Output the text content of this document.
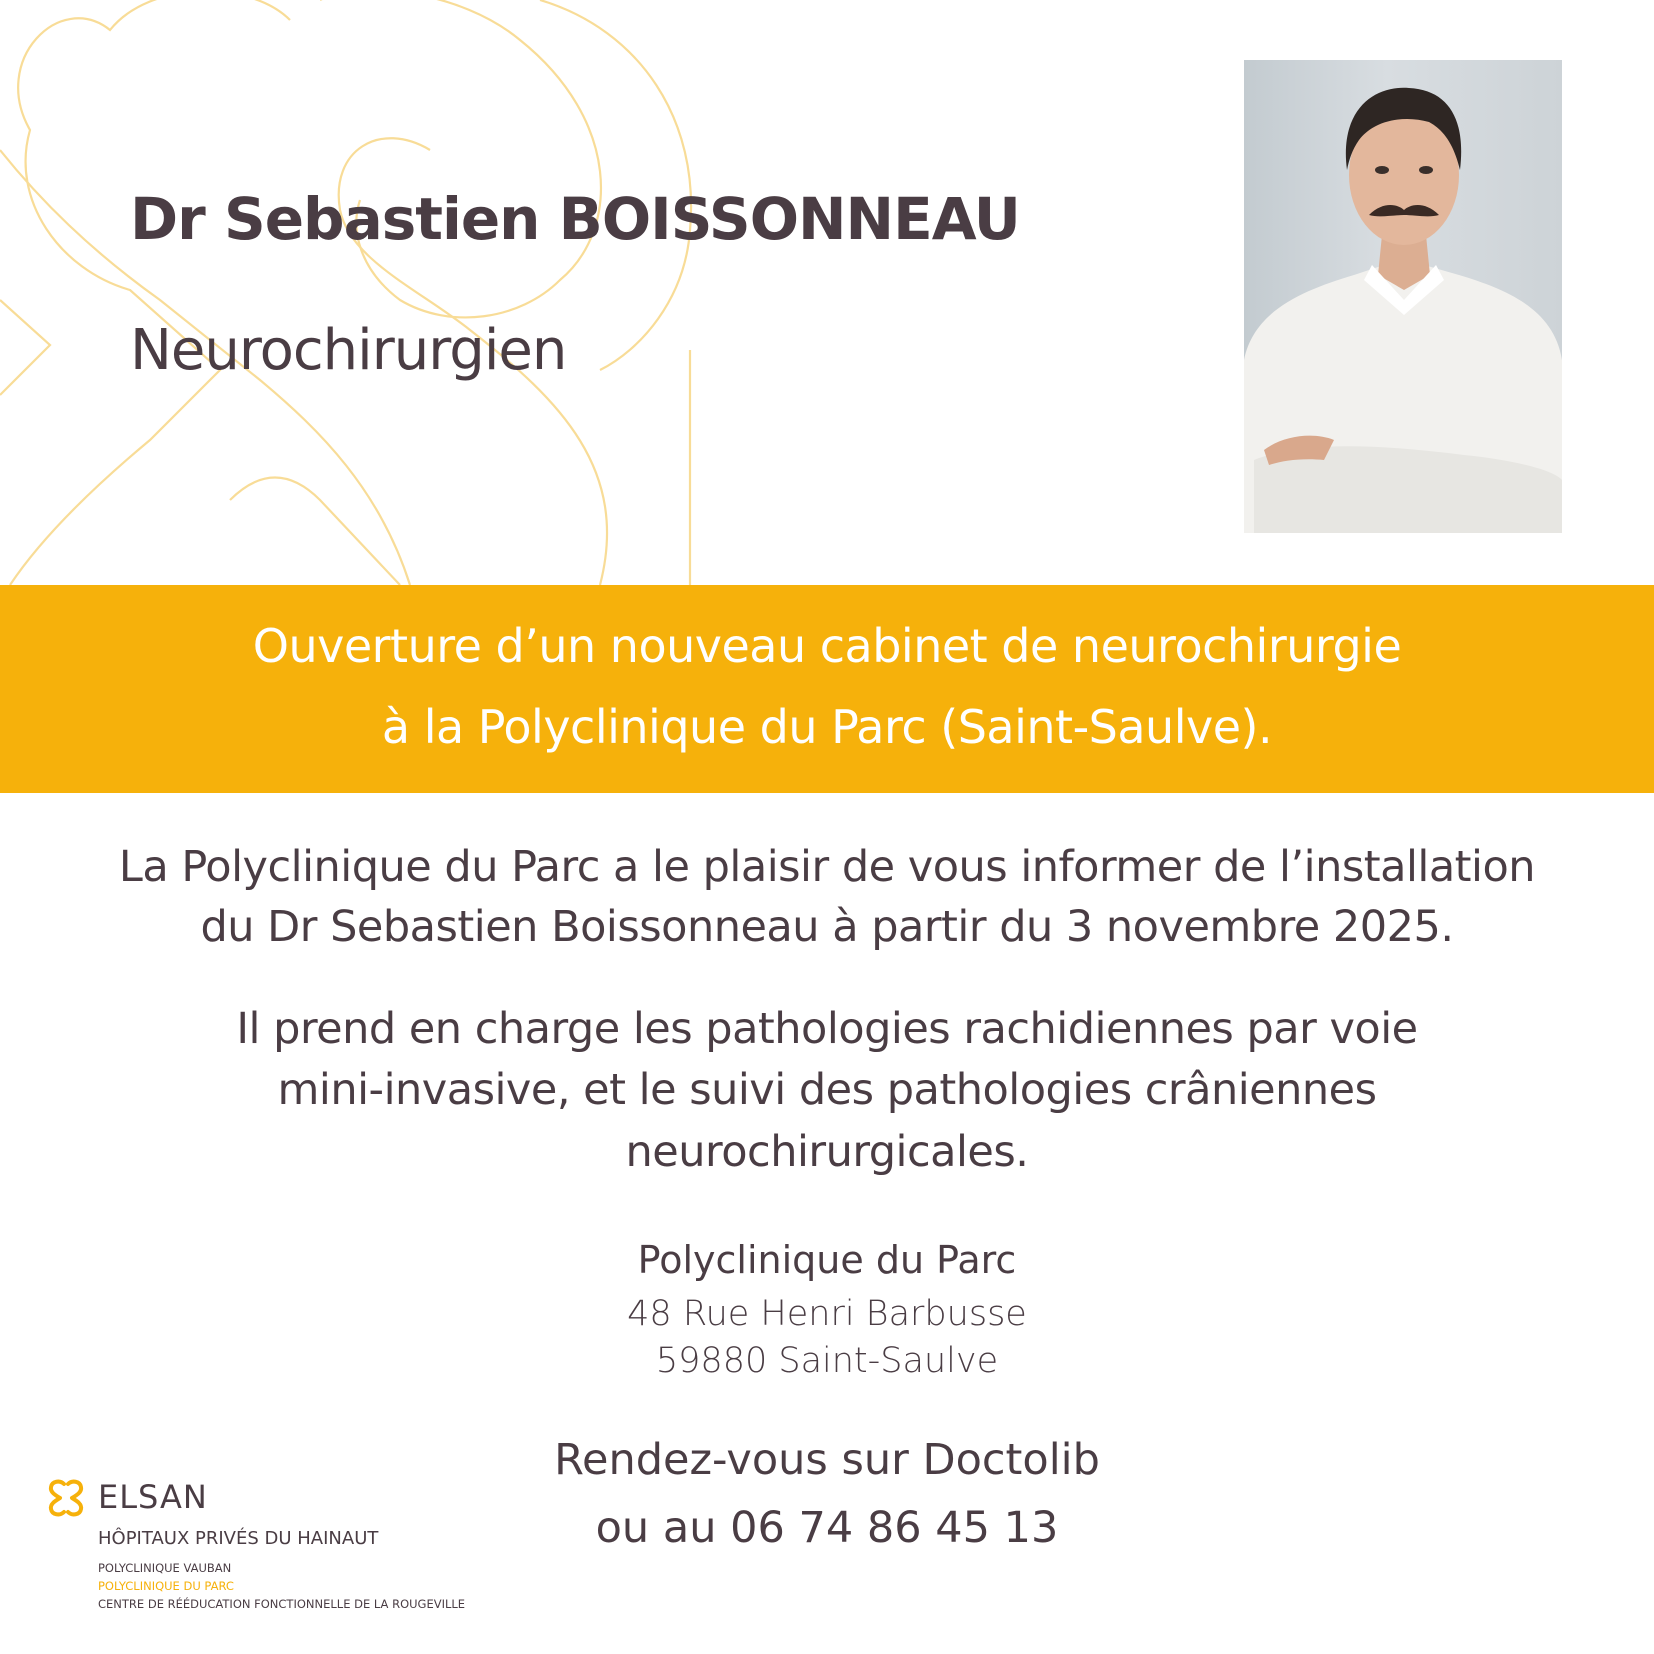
Dr Sebastien BOISSONNEAU
Neurochirurgien
Ouverture d’un nouveau cabinet de neurochirurgie
à la Polyclinique du Parc (Saint-Saulve).
La Polyclinique du Parc a le plaisir de vous informer de l’installation
du Dr Sebastien Boissonneau à partir du 3 novembre 2025.
Il prend en charge les pathologies rachidiennes par voie
mini-invasive, et le suivi des pathologies crâniennes
neurochirurgicales.
Polyclinique du Parc
48 Rue Henri Barbusse
59880 Saint-Saulve
Rendez-vous sur Doctolib
ou au 06 74 86 45 13
ELSAN
HÔPITAUX PRIVÉS DU HAINAUT
POLYCLINIQUE VAUBAN
POLYCLINIQUE DU PARC
CENTRE DE RÉÉDUCATION FONCTIONNELLE DE LA ROUGEVILLE
